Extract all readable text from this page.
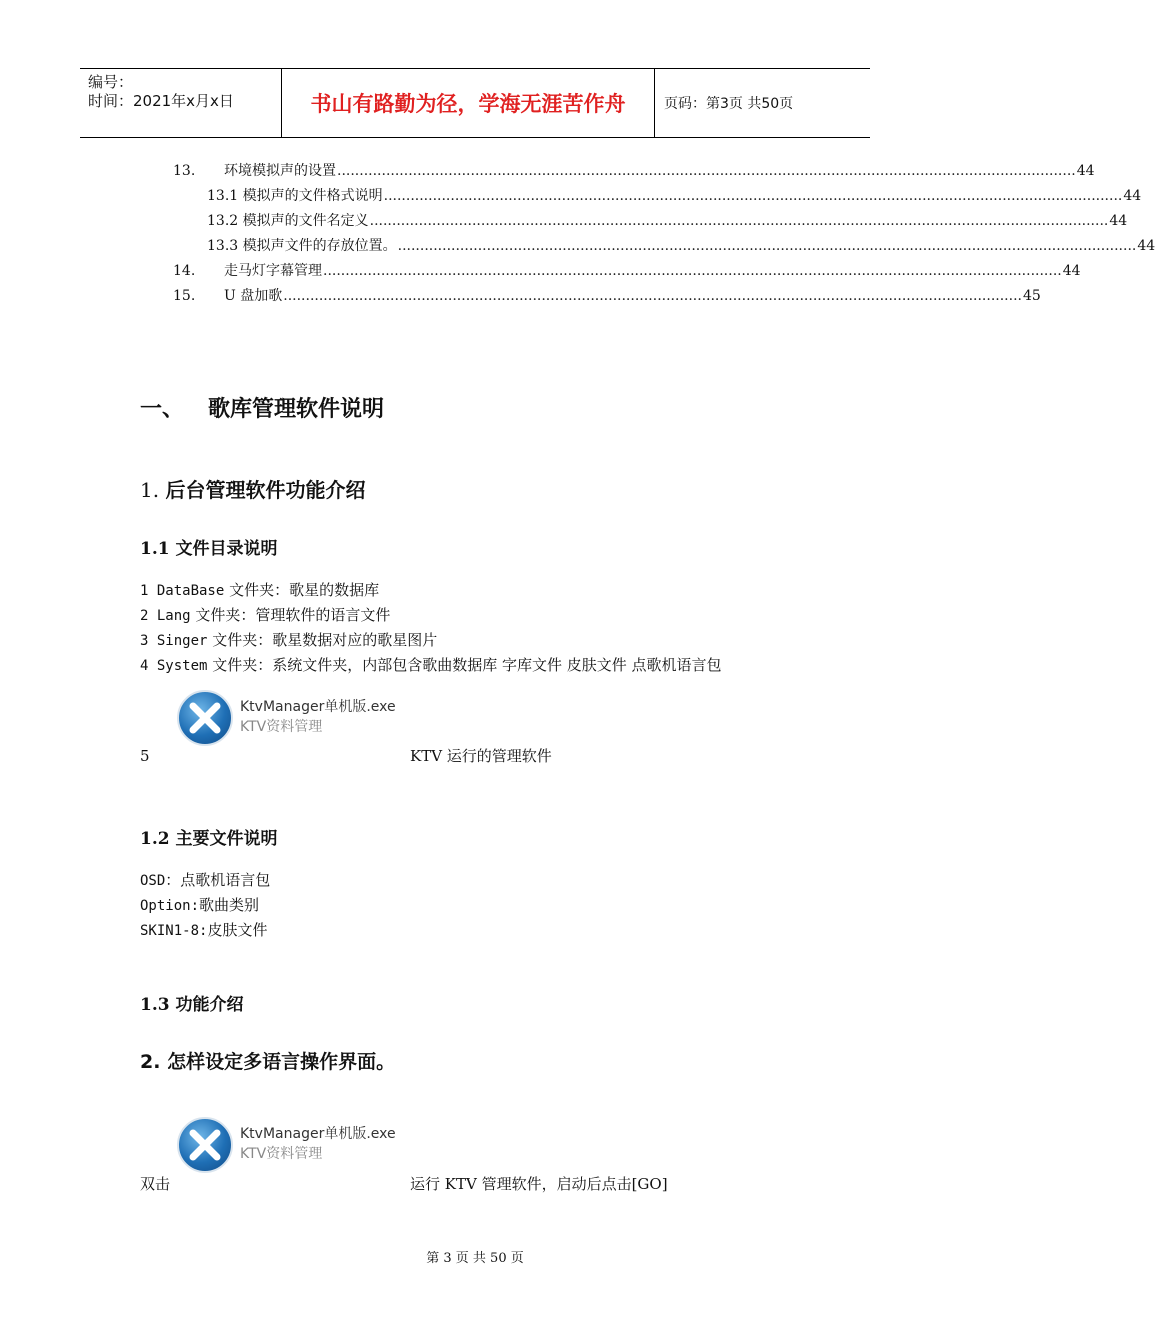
编号：
时间：2021年x月x日	书山有路勤为径，学海无涯苦作舟	页码：第3页 共50页
13.	环境模拟声的设置 ...................................................................................................................................................................... 44
13.1 模拟声的文件格式说明 ...................................................................................................................................................................... 44
13.2 模拟声的文件名定义 ...................................................................................................................................................................... 44
13.3 模拟声文件的存放位置。 ...................................................................................................................................................................... 44
14.	走马灯字幕管理 ...................................................................................................................................................................... 44
15.	U 盘加歌 ...................................................................................................................................................................... 45
一、 歌库管理软件说明
1. 后台管理软件功能介绍
1.1 文件目录说明
1 DataBase 文件夹：歌星的数据库
2 Lang 文件夹：管理软件的语言文件
3 Singer 文件夹：歌星数据对应的歌星图片
4 System 文件夹：系统文件夹，内部包含歌曲数据库 字库文件 皮肤文件 点歌机语言包
KtvManager单机版.exe
KTV资料管理
5	KTV 运行的管理软件
1.2 主要文件说明
OSD：点歌机语言包
Option:歌曲类别
SKIN1-8:皮肤文件
1.3 功能介绍
2. 怎样设定多语言操作界面。
KtvManager单机版.exe
KTV资料管理
双击	运行 KTV 管理软件，启动后点击[GO]
第 3 页 共 50 页
